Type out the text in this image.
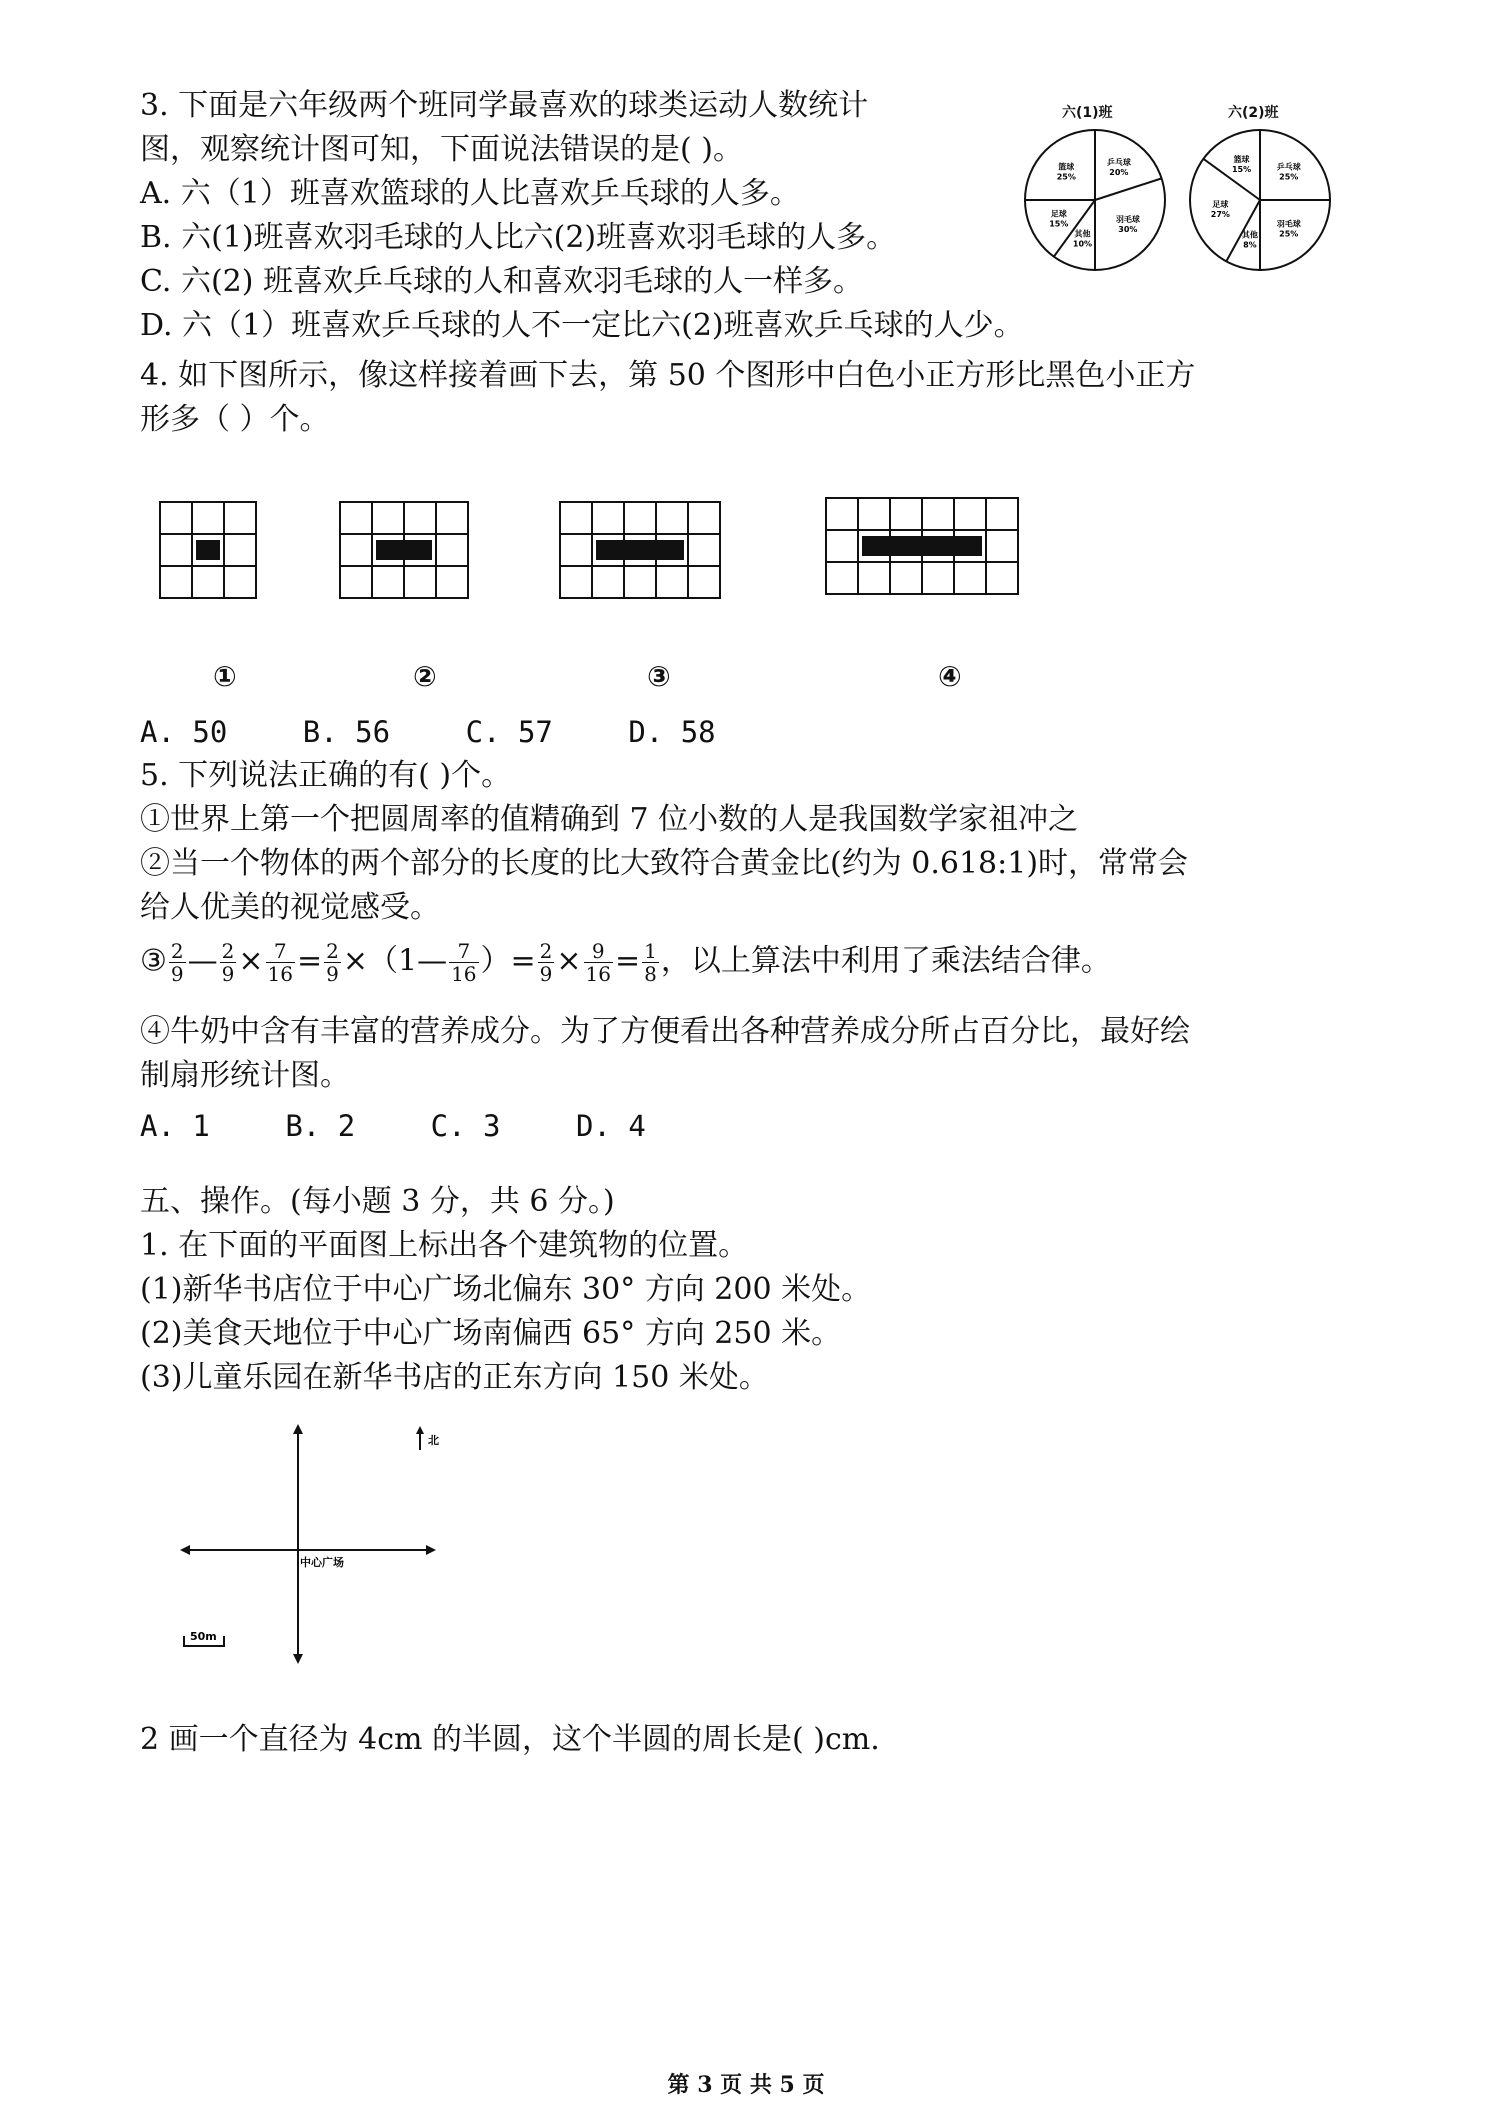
3. 下面是六年级两个班同学最喜欢的球类运动人数统计
图，观察统计图可知，下面说法错误的是( )。
A. 六（1）班喜欢篮球的人比喜欢乒乓球的人多。
B. 六(1)班喜欢羽毛球的人比六(2)班喜欢羽毛球的人多。
C. 六(2) 班喜欢乒乓球的人和喜欢羽毛球的人一样多。
D. 六（1）班喜欢乒乓球的人不一定比六(2)班喜欢乒乓球的人少。
六(1)班	六(2)班
乒乓球
20%
羽毛球
30%
其他
10%
足球
15%
篮球
25%
乒乓球
25%
羽毛球
25%
其他
8%
足球
27%
篮球
15%
4. 如下图所示，像这样接着画下去，第 50 个图形中白色小正方形比黑色小正方
形多（ ）个。
①	②	③	④
A. 50	B. 56	C. 57	D. 58
5. 下列说法正确的有( )个。
①世界上第一个把圆周率的值精确到 7 位小数的人是我国数学家祖冲之
②当一个物体的两个部分的长度的比大致符合黄金比(约为 0.618:1)时，常常会
给人优美的视觉感受。
③ $\frac{2}{9}$ — $\frac{2}{9} \times \frac{7}{16} = \frac{2}{9}$ ×（1— $\frac{7}{16}$ ）= $\frac{2}{9} \times \frac{9}{16} = \frac{1}{8}$ ，以上算法中利用了乘法结合律。
④牛奶中含有丰富的营养成分。为了方便看出各种营养成分所占百分比，最好绘
制扇形统计图。
A. 1	B. 2	C. 3	D. 4
五、操作。(每小题 3 分，共 6 分。)
1. 在下面的平面图上标出各个建筑物的位置。
(1)新华书店位于中心广场北偏东 30° 方向 200 米处。
(2)美食天地位于中心广场南偏西 65° 方向 250 米。
(3)儿童乐园在新华书店的正东方向 150 米处。
北
中心广场
50m
2 画一个直径为 4cm 的半圆，这个半圆的周长是( )cm.
第 3 页 共 5 页
